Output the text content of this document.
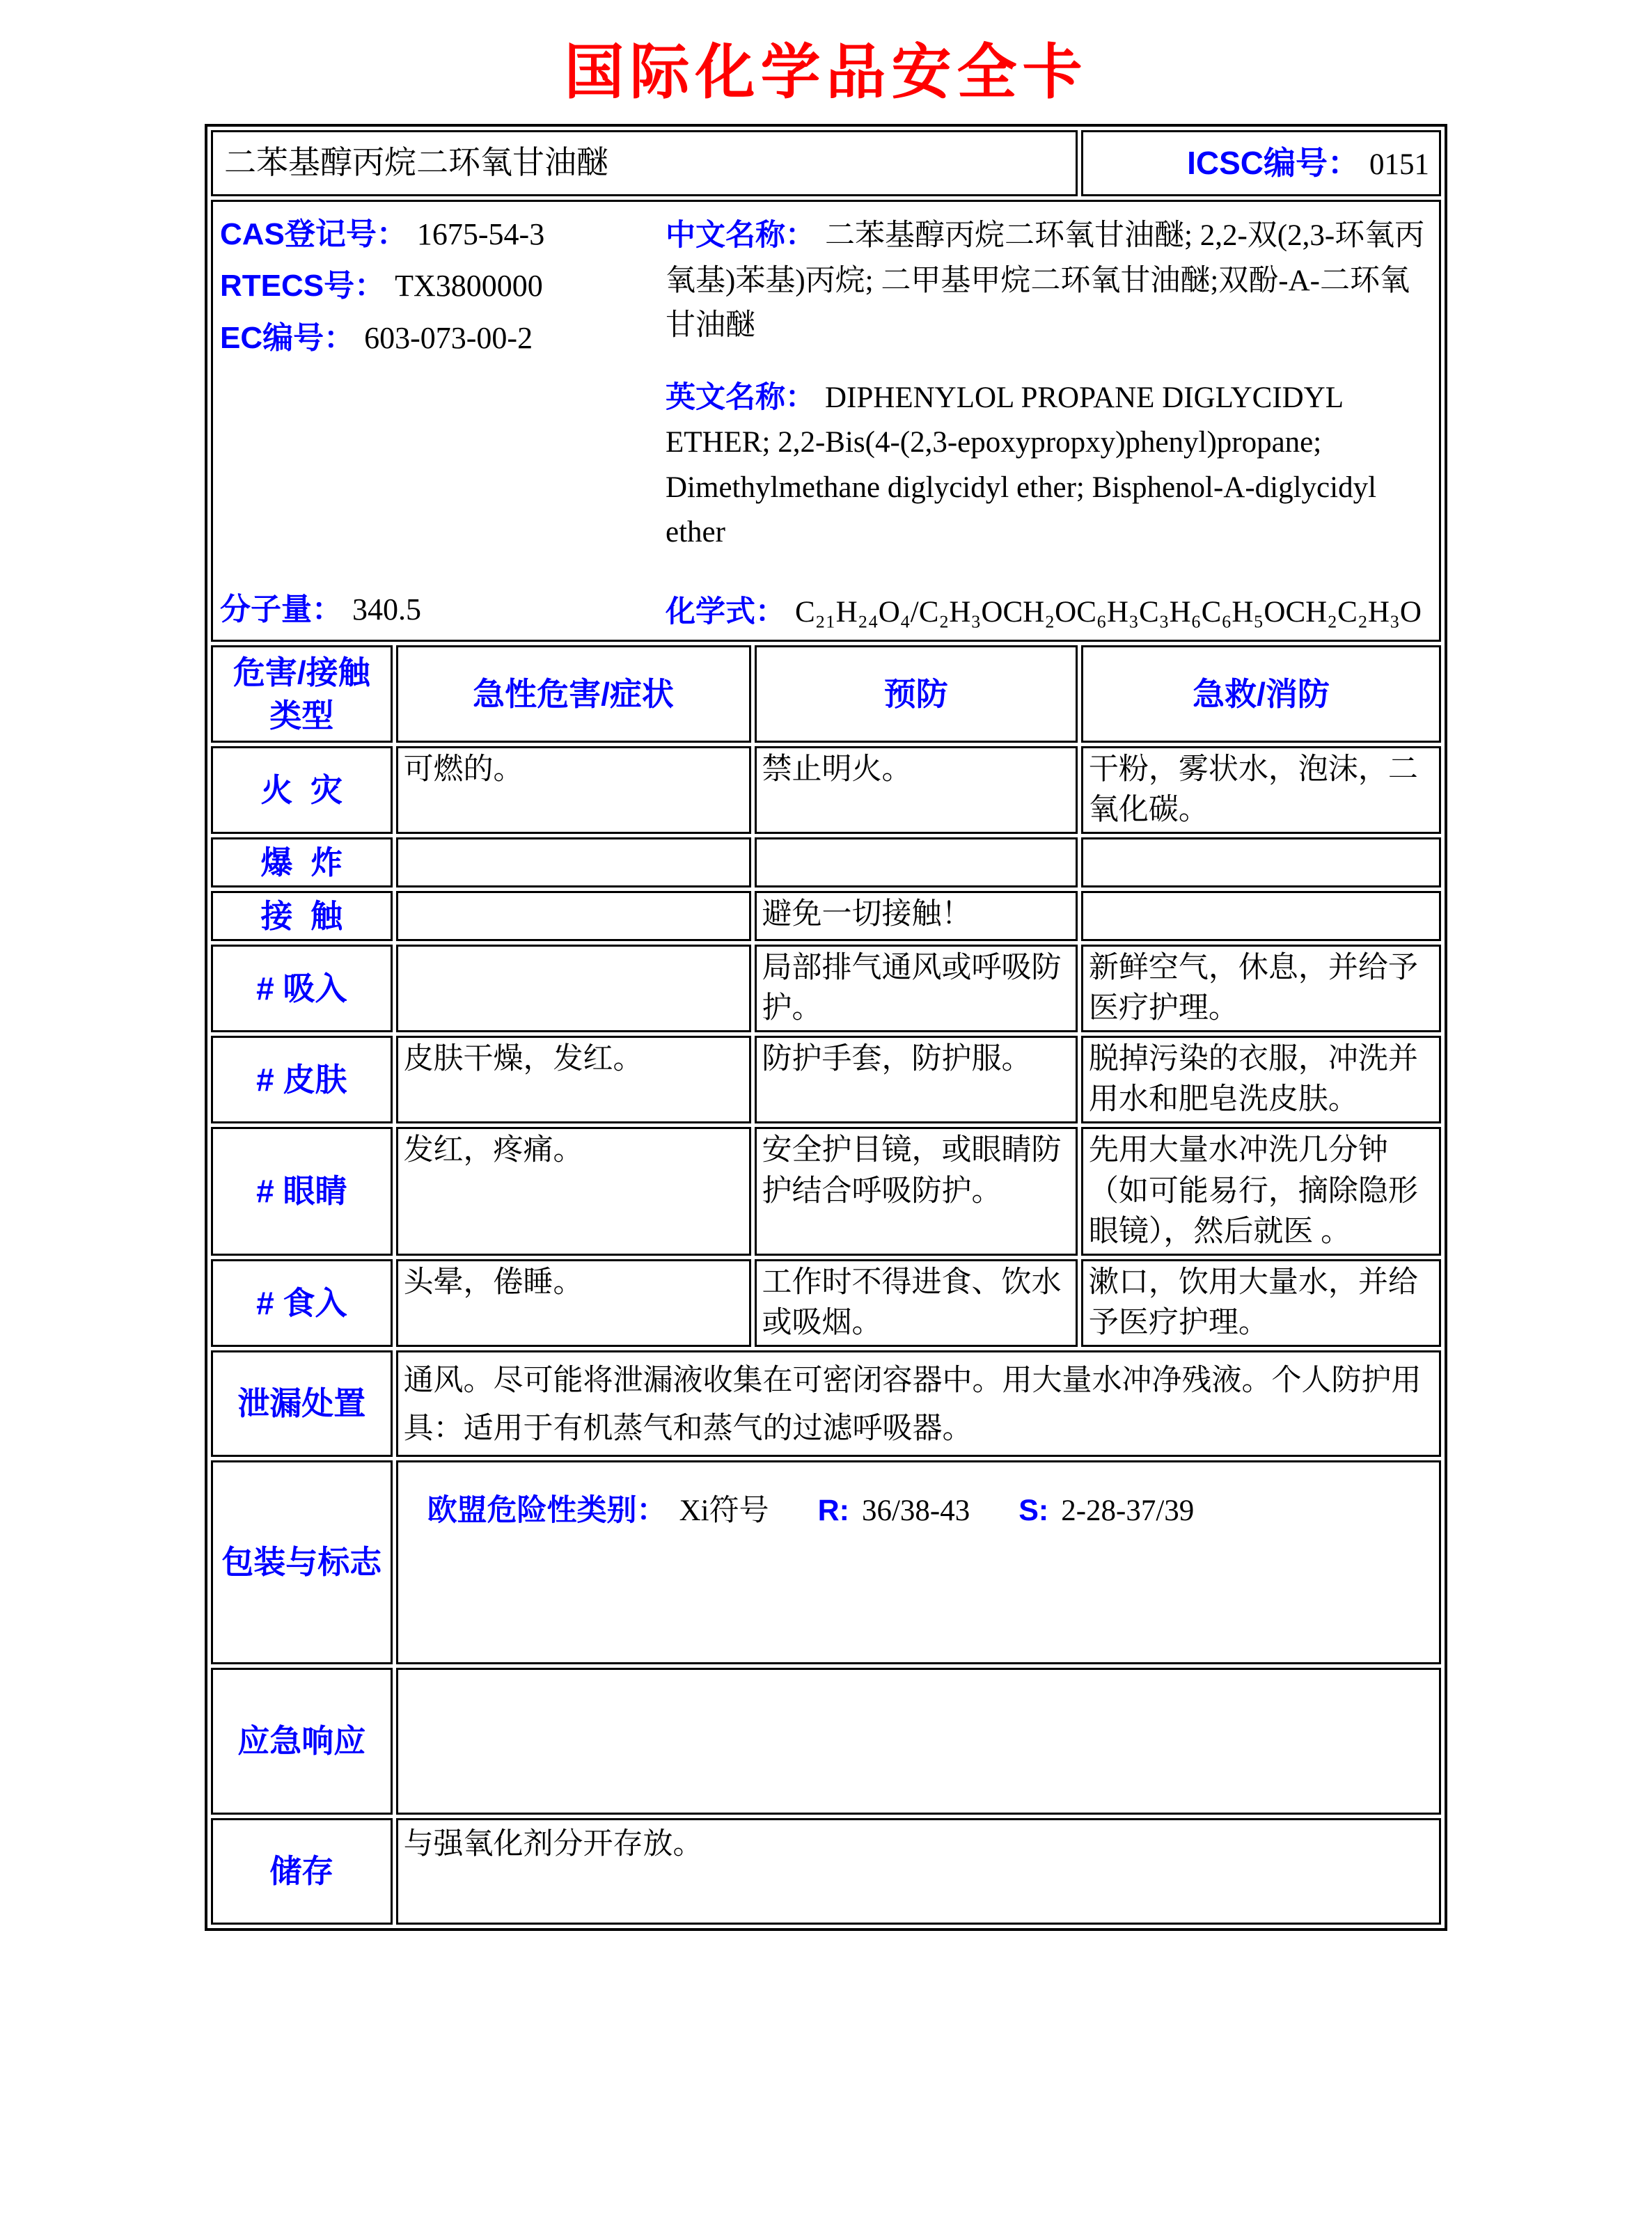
国际化学品安全卡
二苯基醇丙烷二环氧甘油醚			ICSC编号： 0151

CAS登记号： 1675-54-3
RTECS号： TX3800000
EC编号： 603-073-00-2
分子量： 340.5

中文名称： 二苯基醇丙烷二环氧甘油醚; 2,2-双(2,3-环氧丙氧基)苯基)丙烷; 二甲基甲烷二环氧甘油醚;双酚-A-二环氧甘油醚

英文名称： DIPHENYLOL PROPANE DIGLYCIDYL ETHER; 2,2-Bis(4-(2,3-epoxypropxy)phenyl)propane; Dimethylmethane diglycidyl ether; Bisphenol-A-diglycidyl ether

化学式： C₂₁H₂₄O₄/C₂H₃OCH₂OC₆H₃C₃H₆C₆H₅OCH₂C₂H₃O

危害/接触类型	急性危害/症状	预防	急救/消防
火  灾	可燃的。	禁止明火。	干粉，雾状水，泡沫，二氧化碳。
爆  炸			
接  触		避免一切接触！	
# 吸入		局部排气通风或呼吸防护。	新鲜空气，休息，并给予医疗护理。
# 皮肤	皮肤干燥，发红。	防护手套，防护服。	脱掉污染的衣服，冲洗并用水和肥皂洗皮肤。
# 眼睛	发红，疼痛。	安全护目镜，或眼睛防护结合呼吸防护。	先用大量水冲洗几分钟（如可能易行，摘除隐形眼镜），然后就医 。
# 食入	头晕，倦睡。	工作时不得进食、饮水或吸烟。	漱口，饮用大量水，并给予医疗护理。
泄漏处置	通风。尽可能将泄漏液收集在可密闭容器中。用大量水冲净残液。个人防护用具：适用于有机蒸气和蒸气的过滤呼吸器。		
包装与标志	欧盟危险性类别： Xi符号 R: 36/38-43 S: 2-28-37/39		

应急响应			
储存	与强氧化剂分开存放。		
